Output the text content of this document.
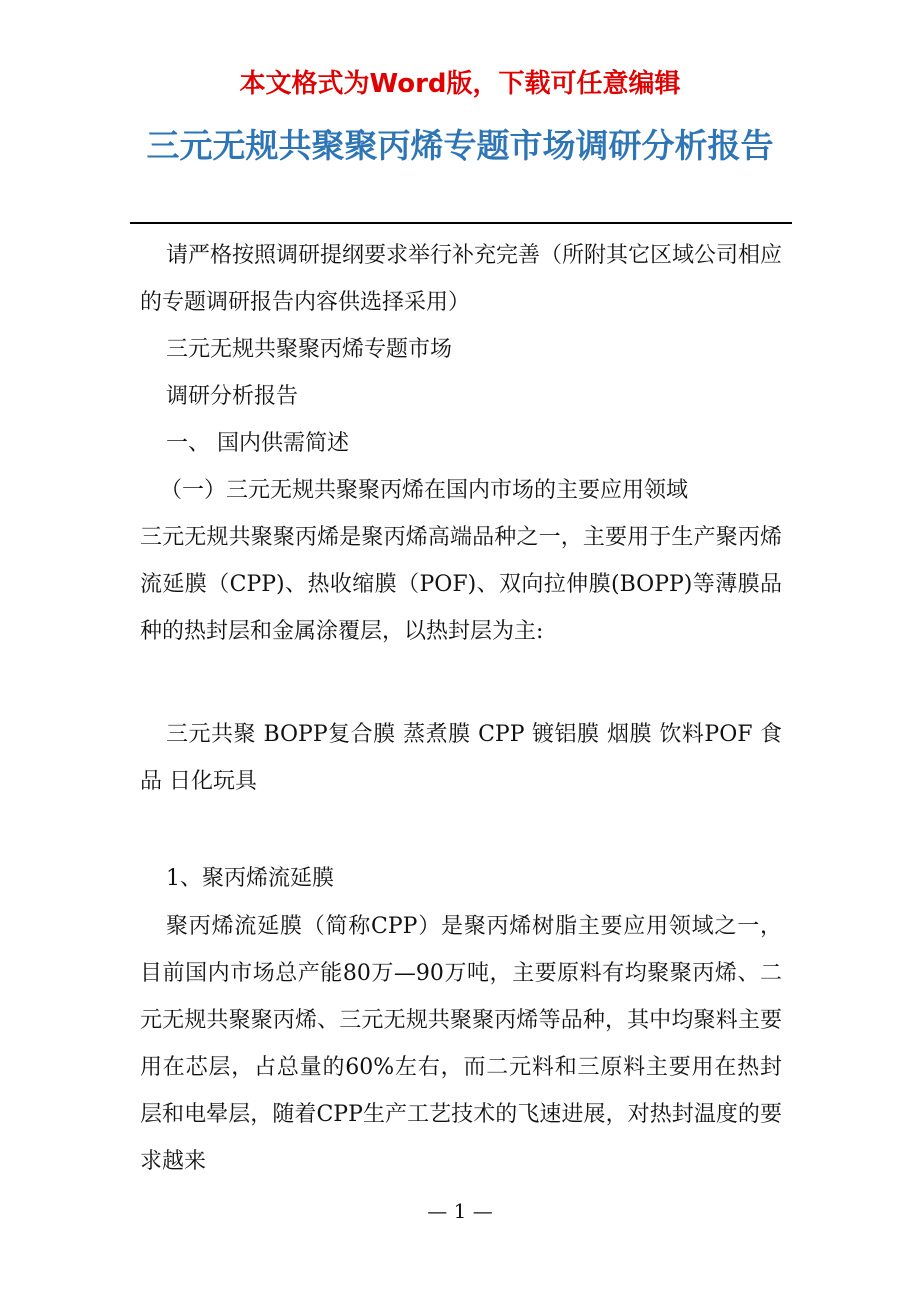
本文格式为Word版，下载可任意编辑

三元无规共聚聚丙烯专题市场调研分析报告

请严格按照调研提纲要求举行补充完善（所附其它区域公司相应的专题调研报告内容供选择采用）

三元无规共聚聚丙烯专题市场

调研分析报告

一、 国内供需简述

（一）三元无规共聚聚丙烯在国内市场的主要应用领域

三元无规共聚聚丙烯是聚丙烯高端品种之一，主要用于生产聚丙烯流延膜（CPP)、热收缩膜（POF)、双向拉伸膜(BOPP)等薄膜品种的热封层和金属涂覆层，以热封层为主:

三元共聚 BOPP复合膜 蒸煮膜 CPP 镀铝膜 烟膜 饮料POF 食品 日化玩具

1、聚丙烯流延膜

聚丙烯流延膜（简称CPP）是聚丙烯树脂主要应用领域之一，目前国内市场总产能80万—90万吨，主要原料有均聚聚丙烯、二元无规共聚聚丙烯、三元无规共聚聚丙烯等品种，其中均聚料主要用在芯层，占总量的60%左右，而二元料和三原料主要用在热封层和电晕层，随着CPP生产工艺技术的飞速进展，对热封温度的要求越来

— 1 —
